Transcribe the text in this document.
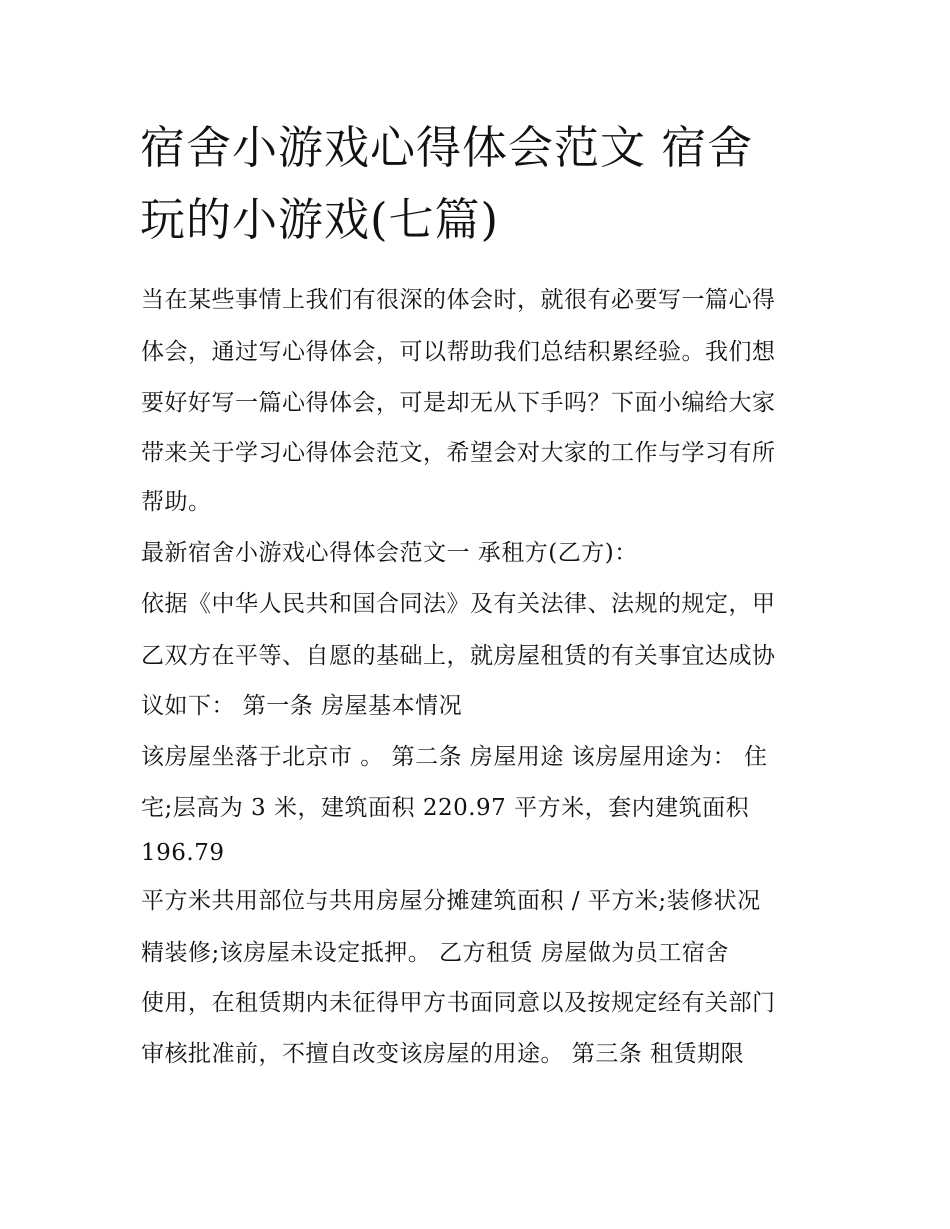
宿舍小游戏心得体会范文 宿舍
玩的小游戏(七篇)
当在某些事情上我们有很深的体会时，就很有必要写一篇心得
体会，通过写心得体会，可以帮助我们总结积累经验。我们想
要好好写一篇心得体会，可是却无从下手吗？下面小编给大家
带来关于学习心得体会范文，希望会对大家的工作与学习有所
帮助。
最新宿舍小游戏心得体会范文一 承租方(乙方)：
依据《中华人民共和国合同法》及有关法律、法规的规定，甲
乙双方在平等、自愿的基础上，就房屋租赁的有关事宜达成协
议如下： 第一条 房屋基本情况
该房屋坐落于北京市 。 第二条 房屋用途 该房屋用途为： 住
宅;层高为 3 米，建筑面积 220.97 平方米，套内建筑面积
196.79
平方米共用部位与共用房屋分摊建筑面积 / 平方米;装修状况
精装修;该房屋未设定抵押。 乙方租赁 房屋做为员工宿舍
使用，在租赁期内未征得甲方书面同意以及按规定经有关部门
审核批准前，不擅自改变该房屋的用途。 第三条 租赁期限
